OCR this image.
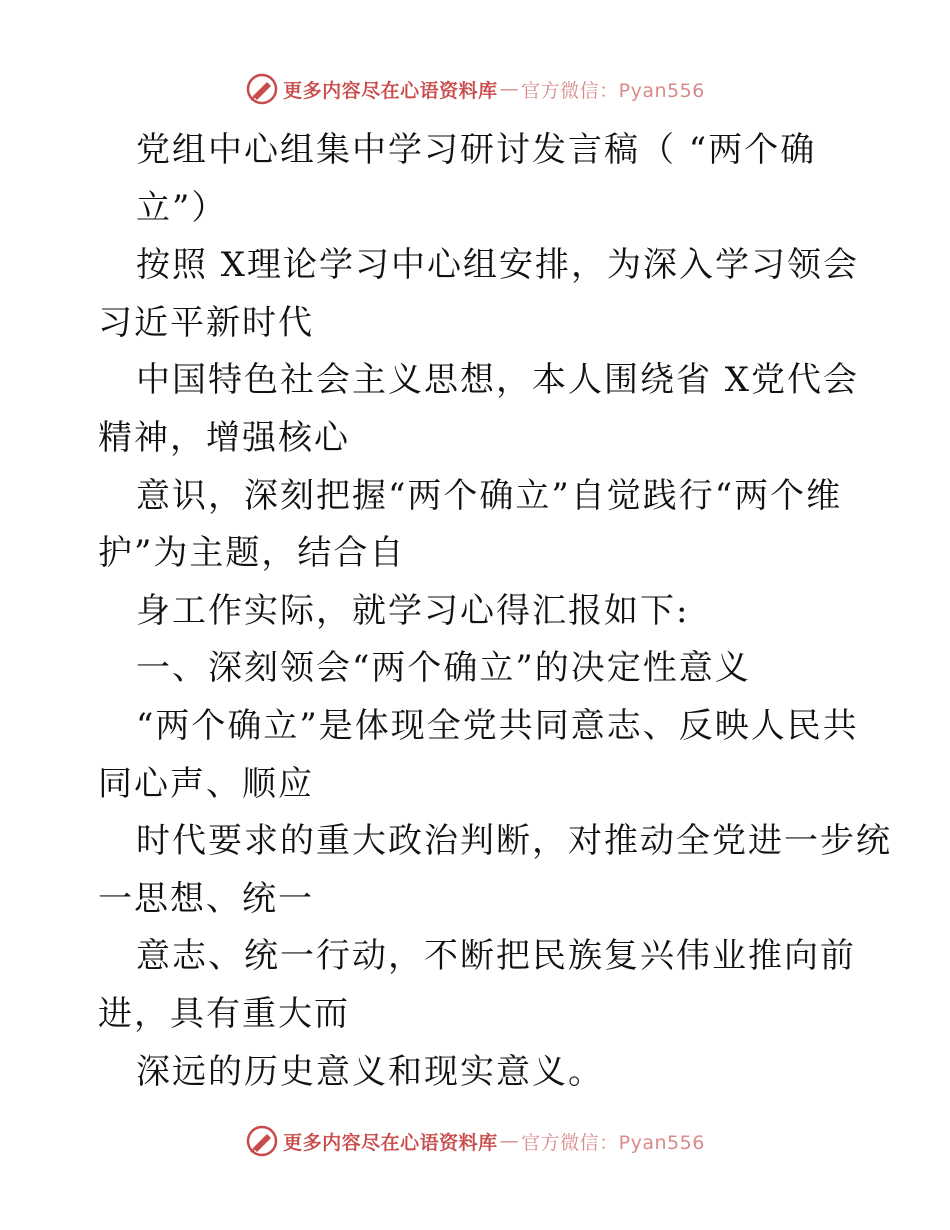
更多内容尽在心语资料库 — 官方微信：Pyan556
党组中心组集中学习研讨发言稿（ “两个确
立”）
按照 X理论学习中心组安排，为深入学习领会
习近平新时代
中国特色社会主义思想，本人围绕省 X党代会
精神，增强核心
意识，深刻把握“两个确立”自觉践行“两个维
护”为主题，结合自
身工作实际，就学习心得汇报如下:
一、深刻领会“两个确立”的决定性意义
“两个确立”是体现全党共同意志、反映人民共
同心声、顺应
时代要求的重大政治判断，对推动全党进一步统
一思想、统一
意志、统一行动，不断把民族复兴伟业推向前
进，具有重大而
深远的历史意义和现实意义。
更多内容尽在心语资料库 — 官方微信：Pyan556
